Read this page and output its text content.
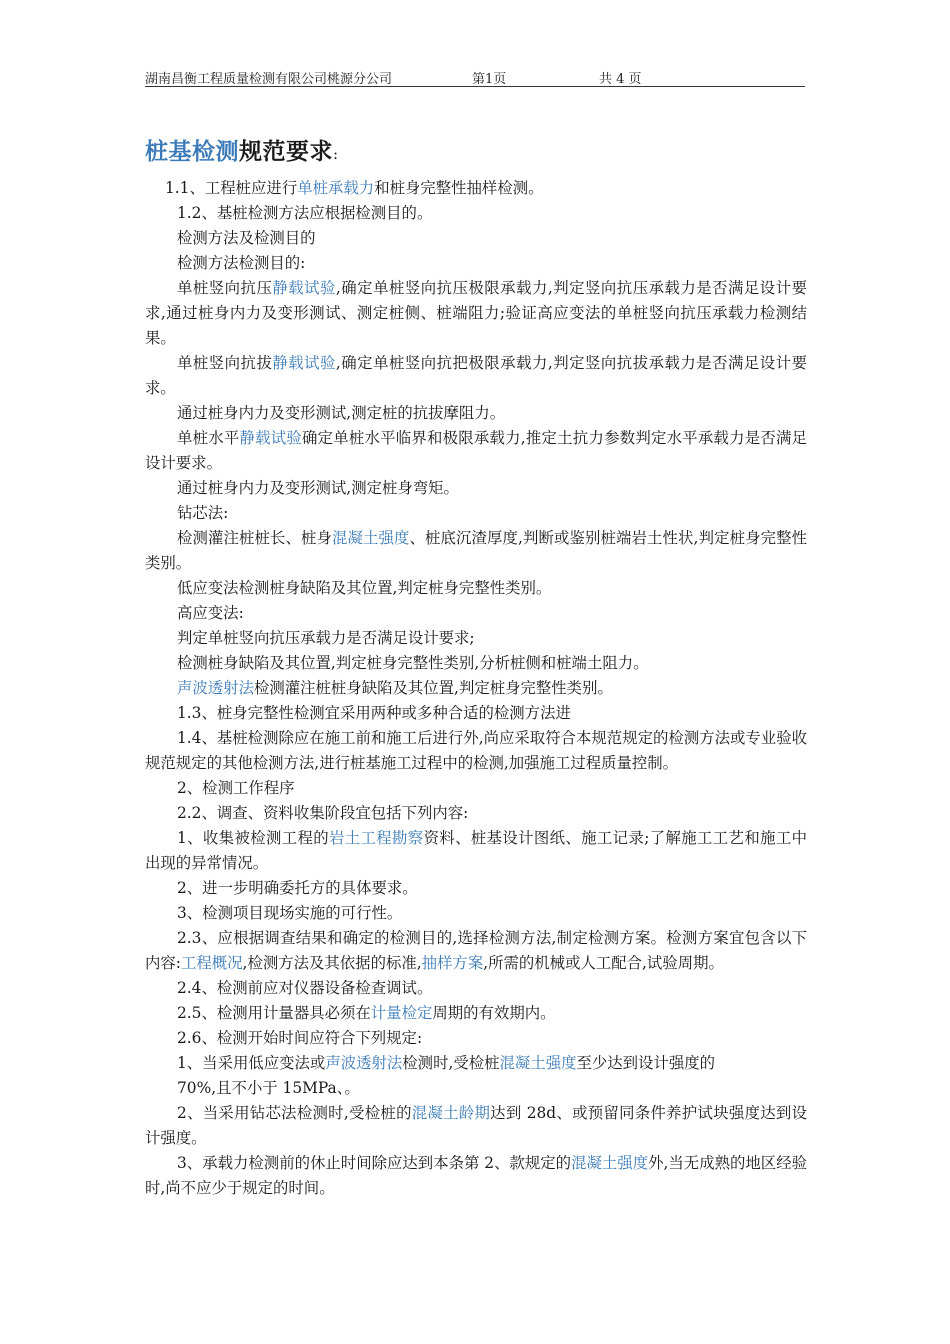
湖南昌衡工程质量检测有限公司桃源分公司	第1页	共 4 页
桩基检测规范要求:

1.1、工程桩应进行单桩承载力和桩身完整性抽样检测。

1.2、基桩检测方法应根据检测目的。

检测方法及检测目的

检测方法检测目的:

单桩竖向抗压静载试验,确定单桩竖向抗压极限承载力,判定竖向抗压承载力是否满足设计要求,通过桩身内力及变形测试、测定桩侧、桩端阻力;验证高应变法的单桩竖向抗压承载力检测结果。

单桩竖向抗拔静载试验,确定单桩竖向抗把极限承载力,判定竖向抗拔承载力是否满足设计要求。

通过桩身内力及变形测试,测定桩的抗拔摩阻力。

单桩水平静载试验确定单桩水平临界和极限承载力,推定土抗力参数判定水平承载力是否满足设计要求。

通过桩身内力及变形测试,测定桩身弯矩。

钻芯法:

检测灌注桩桩长、桩身混凝土强度、桩底沉渣厚度,判断或鉴别桩端岩土性状,判定桩身完整性类别。

低应变法检测桩身缺陷及其位置,判定桩身完整性类别。

高应变法:

判定单桩竖向抗压承载力是否满足设计要求;

检测桩身缺陷及其位置,判定桩身完整性类别,分析桩侧和桩端土阻力。

声波透射法检测灌注桩桩身缺陷及其位置,判定桩身完整性类别。

1.3、桩身完整性检测宜采用两种或多种合适的检测方法进

1.4、基桩检测除应在施工前和施工后进行外,尚应采取符合本规范规定的检测方法或专业验收规范规定的其他检测方法,进行桩基施工过程中的检测,加强施工过程质量控制。

2、检测工作程序

2.2、调查、资料收集阶段宜包括下列内容:

1、收集被检测工程的岩土工程勘察资料、桩基设计图纸、施工记录;了解施工工艺和施工中出现的异常情况。

2、进一步明确委托方的具体要求。

3、检测项目现场实施的可行性。

2.3、应根据调查结果和确定的检测目的,选择检测方法,制定检测方案。检测方案宜包含以下内容:工程概况,检测方法及其依据的标准,抽样方案,所需的机械或人工配合,试验周期。

2.4、检测前应对仪器设备检查调试。

2.5、检测用计量器具必须在计量检定周期的有效期内。

2.6、检测开始时间应符合下列规定:

1、当采用低应变法或声波透射法检测时,受检桩混凝土强度至少达到设计强度的

70%,且不小于 15MPa、。

2、当采用钻芯法检测时,受检桩的混凝土龄期达到 28d、或预留同条件养护试块强度达到设计强度。

3、承载力检测前的休止时间除应达到本条第 2、款规定的混凝土强度外,当无成熟的地区经验时,尚不应少于规定的时间。
